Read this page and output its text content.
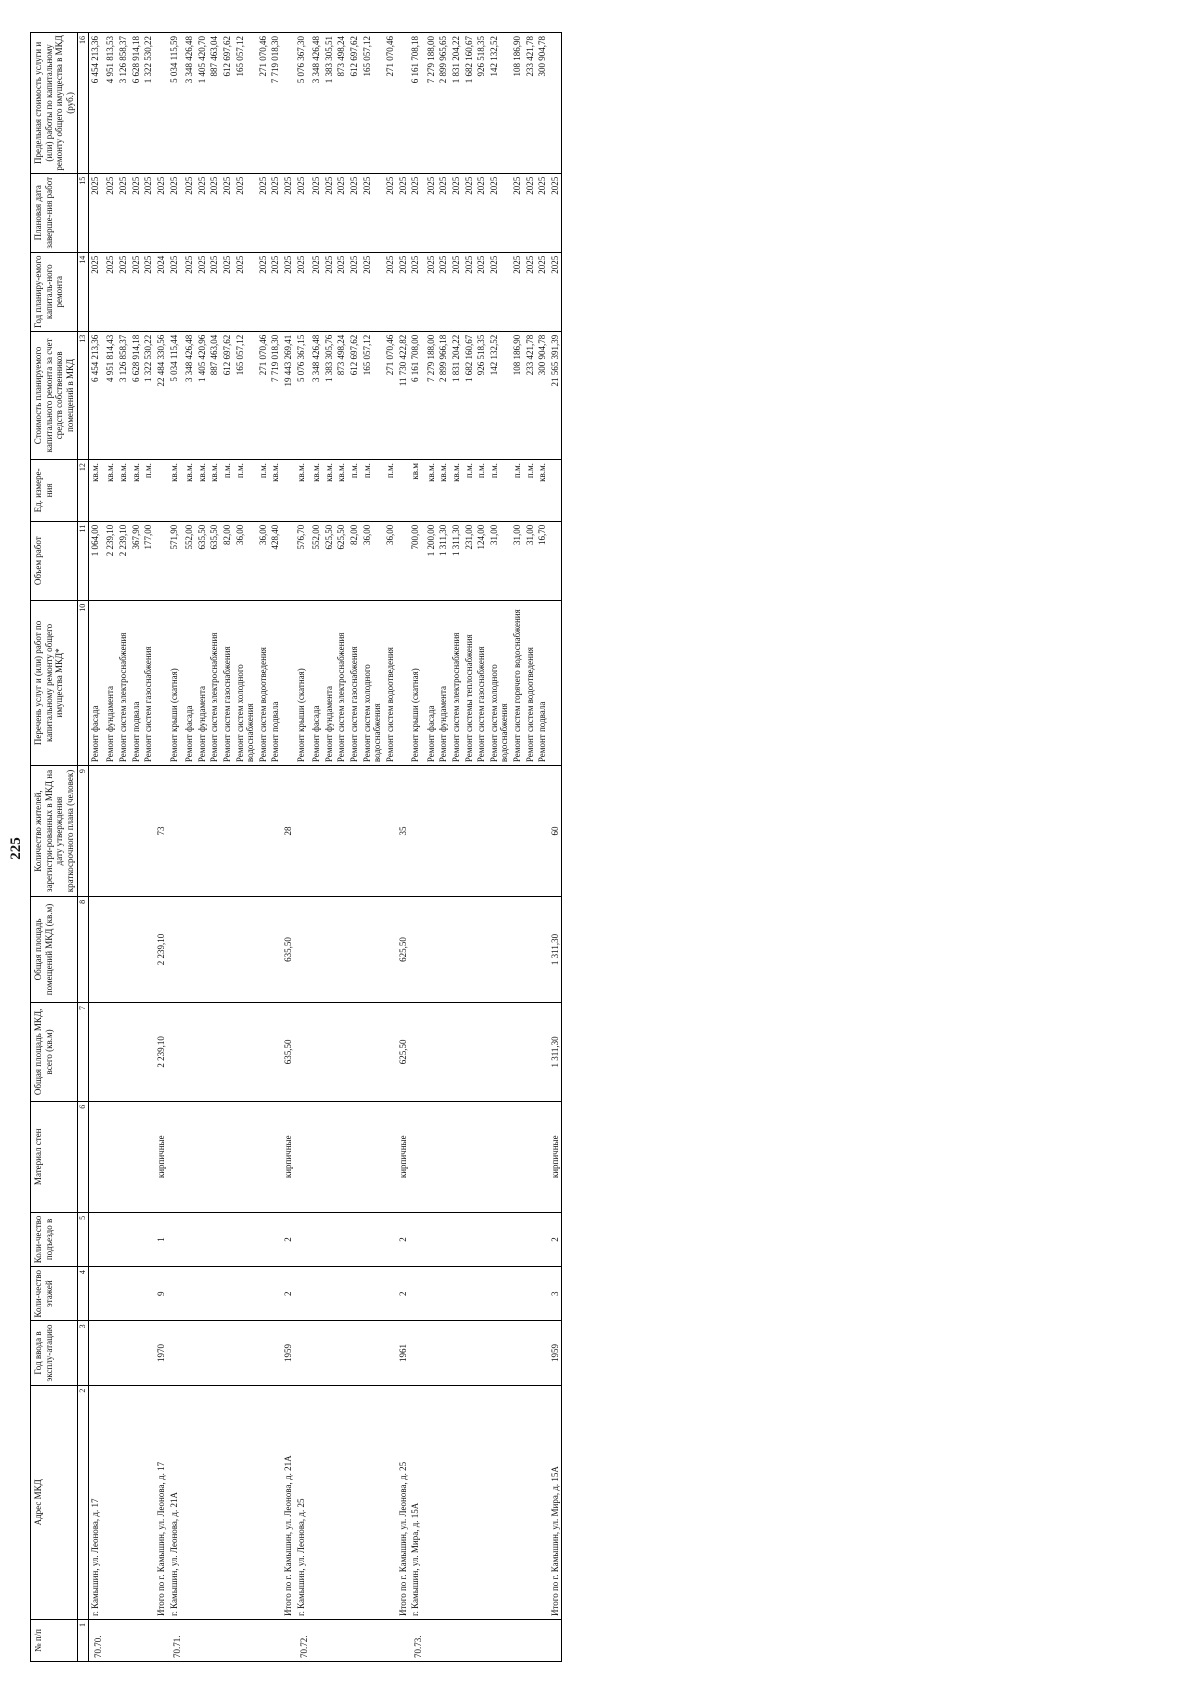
225
№ п/п	Адрес МКД	Год ввода в эксплу-атацию	Коли-чество этажей	Коли-чество подъездо в	Материал стен	Общая площадь МКД, всего (кв.м)	Общая площадь помещений МКД (кв.м)	Количество жителей, зарегистри-рованных в МКД на дату утверждения краткосрочного плана (человек)	Перечень услуг и (или) работ по капитальному ремонту общего имущества МКД*	Объем работ	Ед. измере-ния	Стоимость планируемого капитального ремонта за счет средств собственников помещений в МКД	Год планиру-емого капиталь-ного ремонта	Плановая дата заверше-ния работ	Предельная стоимость услуги и (или) работы по капитальному ремонту общего имущества в МКД (руб.)
1	2	3	4	5	6	7	8	9	10	11	12	13	14	15	16
70.70.	г. Камышин, ул. Леонова, д. 17								Ремонт фасада	1 064,00	кв.м.	6 454 213,36	2025	2025	6 454 213,36
									Ремонт фундамента	2 239,10	кв.м.	4 951 814,43	2025	2025	4 951 813,53
									Ремонт систем электроснабжения	2 239,10	кв.м.	3 126 858,37	2025	2025	3 126 858,37
									Ремонт подвала	367,90	кв.м.	6 628 914,18	2025	2025	6 628 914,18
									Ремонт систем газоснабжения	177,00	п.м.	1 322 530,22	2025	2025	1 322 530,22
	Итого по г. Камышин, ул. Леонова, д. 17	1970	9	1	кирпичные	2 239,10	2 239,10	73				22 484 330,56	2024	2025	
70.71.	г. Камышин, ул. Леонова, д. 21А								Ремонт крыши (скатная)	571,90	кв.м.	5 034 115,44	2025	2025	5 034 115,59
									Ремонт фасада	552,00	кв.м.	3 348 426,48	2025	2025	3 348 426,48
									Ремонт фундамента	635,50	кв.м.	1 405 420,96	2025	2025	1 405 420,70
									Ремонт систем электроснабжения	635,50	кв.м.	887 463,04	2025	2025	887 463,04
									Ремонт систем газоснабжения	82,00	п.м.	612 697,62	2025	2025	612 697,62
									Ремонт систем холодного водоснабжения	36,00	п.м.	165 057,12	2025	2025	165 057,12
									Ремонт систем водоотведения	36,00	п.м.	271 070,46	2025	2025	271 070,46
									Ремонт подвала	428,40	кв.м.	7 719 018,30	2025	2025	7 719 018,30
	Итого по г. Камышин, ул. Леонова, д. 21А	1959	2	2	кирпичные	635,50	635,50	28				19 443 269,41	2025	2025	
70.72.	г. Камышин, ул. Леонова, д. 25								Ремонт крыши (скатная)	576,70	кв.м.	5 076 367,15	2025	2025	5 076 367,30
									Ремонт фасада	552,00	кв.м.	3 348 426,48	2025	2025	3 348 426,48
									Ремонт фундамента	625,50	кв.м.	1 383 305,76	2025	2025	1 383 305,51
									Ремонт систем электроснабжения	625,50	кв.м.	873 498,24	2025	2025	873 498,24
									Ремонт систем газоснабжения	82,00	п.м.	612 697,62	2025	2025	612 697,62
									Ремонт систем холодного водоснабжения	36,00	п.м.	165 057,12	2025	2025	165 057,12
									Ремонт систем водоотведения	36,00	п.м.	271 070,46	2025	2025	271 070,46
	Итого по г. Камышин, ул. Леонова, д. 25	1961	2	2	кирпичные	625,50	625,50	35				11 730 422,82	2025	2025	
70.73.	г. Камышин, ул. Мира, д. 15А								Ремонт крыши (скатная)	700,00	кв.м	6 161 708,00	2025	2025	6 161 708,18
									Ремонт фасада	1 200,00	кв.м.	7 279 188,00	2025	2025	7 279 188,00
									Ремонт фундамента	1 311,30	кв.м.	2 899 966,18	2025	2025	2 899 965,65
									Ремонт систем электроснабжения	1 311,30	кв.м.	1 831 204,22	2025	2025	1 831 204,22
									Ремонт системы теплоснабжения	231,00	п.м.	1 682 160,67	2025	2025	1 682 160,67
									Ремонт систем газоснабжения	124,00	п.м.	926 518,35	2025	2025	926 518,35
									Ремонт систем холодного водоснабжения	31,00	п.м.	142 132,52	2025	2025	142 132,52
									Ремонт систем горячего водоснабжения	31,00	п.м.	108 186,90	2025	2025	108 186,90
									Ремонт систем водоотведения	31,00	п.м.	233 421,78	2025	2025	233 421,78
									Ремонт подвала	16,70	кв.м.	300 904,78	2025	2025	300 904,78
	Итого по г. Камышин, ул. Мира, д. 15А	1959	3	2	кирпичные	1 311,30	1 311,30	60				21 565 391,39	2025	2025	
